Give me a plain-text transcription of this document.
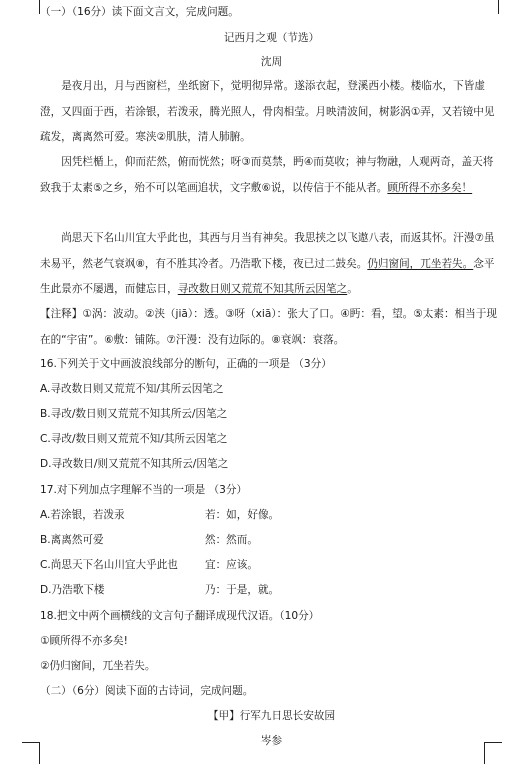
（一）（16分）读下面文言文，完成问题。
记西月之观（节选）
沈周
是夜月出，月与西窗栏，坐纸窗下，觉明彻异常。遂添衣起，登溪西小楼。楼临水，下皆虚澄，又四面于西，若涂银，若泼汞，腾光照人，骨肉相莹。月映清波间，树影涡①弄，又若镜中见疏发，离离然可爱。寒浃②肌肤，清人肺腑。
因凭栏楯上，仰而茫然，俯而恍然；呀③而莫禁，眄④而莫收；神与物融，人观两奇，盖天将致我于太素⑤之乡，殆不可以笔画追状，文字敷⑥说，以传信于不能从者。顾所得不亦多矣！
尚思天下名山川宜大乎此也，其西与月当有神矣。我思挟之以飞遨八表，而返其怀。汗漫⑦虽未易平，然老气衰飒⑧，有不胜其冷者。乃浩歌下楼，夜已过二鼓矣。仍归窗间，兀坐若失。念平生此景亦不屡遇，而健忘日，寻改数日则又荒荒不知其所云因笔之。
【注释】①涡：波动。②浃（jiā）：透。③呀（xiā）：张大了口。④眄：看，望。⑤太素：相当于现在的“宇宙”。⑥敷：铺陈。⑦汗漫：没有边际的。⑧衰飒：衰落。
16.下列关于文中画波浪线部分的断句，正确的一项是 （3分）
A.寻改数日则又荒荒不知/其所云因笔之
B.寻改/数日则又荒荒不知其所云/因笔之
C.寻改/数日则又荒荒不知/其所云因笔之
D.寻改数日/则又荒荒不知其所云/因笔之
17.对下列加点字理解不当的一项是 （3分）
A.若涂银，若泼汞	若：如，好像。
B.离离然可爱	然：然而。
C.尚思天下名山川宜大乎此也	宜：应该。
D.乃浩歌下楼	乃：于是，就。
18.把文中两个画横线的文言句子翻译成现代汉语。（10分）
①顾所得不亦多矣!
②仍归窗间，兀坐若失。
（二）（6分）阅读下面的古诗词，完成问题。
【甲】行军九日思长安故园
岑参
